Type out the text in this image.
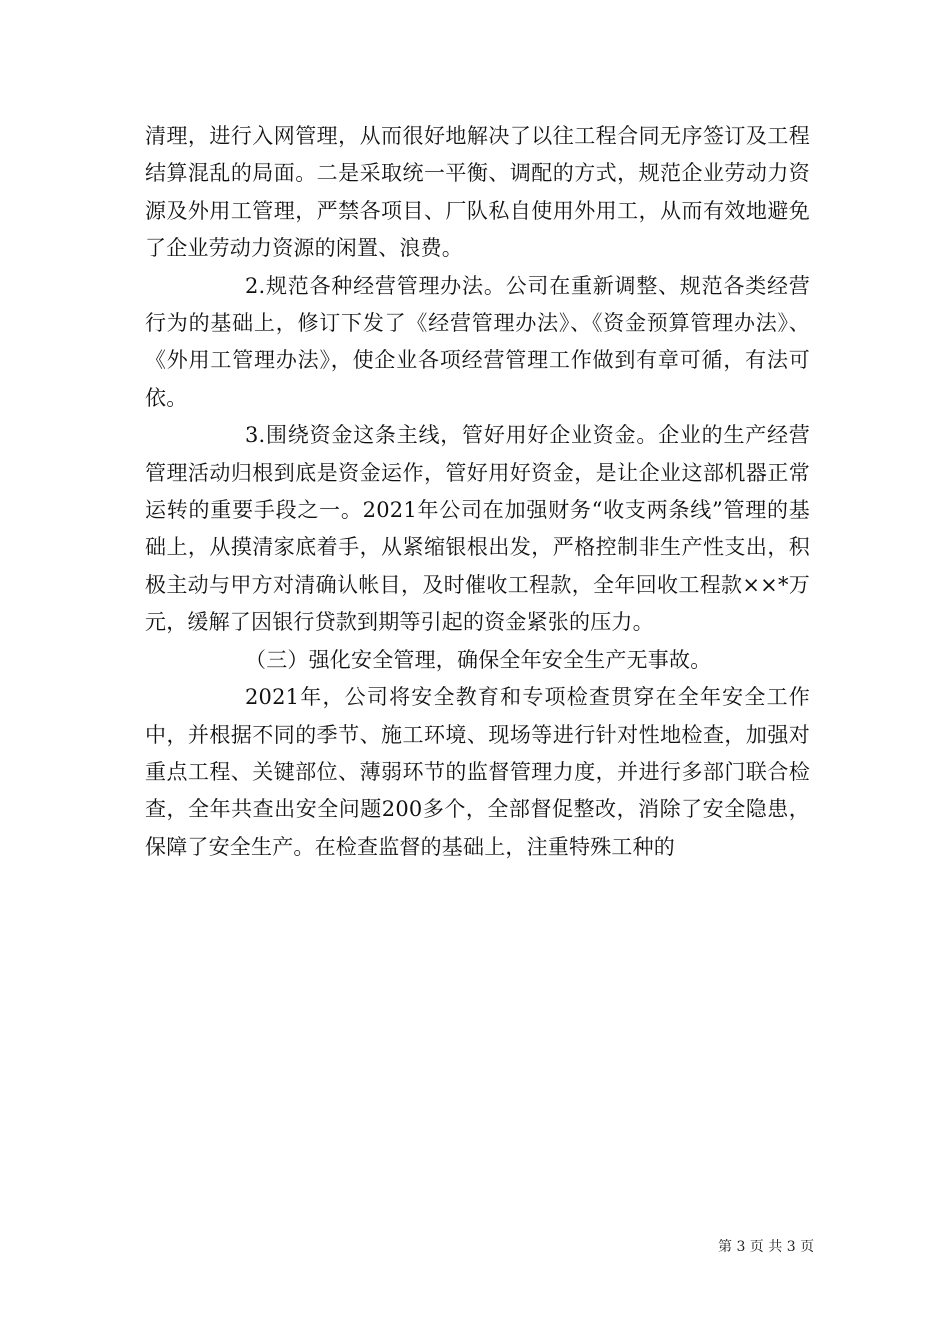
清理，进行入网管理，从而很好地解决了以往工程合同无序签订及工程结算混乱的局面。二是采取统一平衡、调配的方式，规范企业劳动力资源及外用工管理，严禁各项目、厂队私自使用外用工，从而有效地避免了企业劳动力资源的闲置、浪费。

2.规范各种经营管理办法。公司在重新调整、规范各类经营行为的基础上，修订下发了《经营管理办法》、《资金预算管理办法》、《外用工管理办法》，使企业各项经营管理工作做到有章可循，有法可依。

3.围绕资金这条主线，管好用好企业资金。企业的生产经营管理活动归根到底是资金运作，管好用好资金，是让企业这部机器正常运转的重要手段之一。2021年公司在加强财务“收支两条线”管理的基础上，从摸清家底着手，从紧缩银根出发，严格控制非生产性支出，积极主动与甲方对清确认帐目，及时催收工程款，全年回收工程款××*万元，缓解了因银行贷款到期等引起的资金紧张的压力。

（三）强化安全管理，确保全年安全生产无事故。

2021年，公司将安全教育和专项检查贯穿在全年安全工作中，并根据不同的季节、施工环境、现场等进行针对性地检查，加强对重点工程、关键部位、薄弱环节的监督管理力度，并进行多部门联合检查，全年共查出安全问题200多个，全部督促整改，消除了安全隐患，保障了安全生产。在检查监督的基础上，注重特殊工种的

第 3 页 共 3 页
